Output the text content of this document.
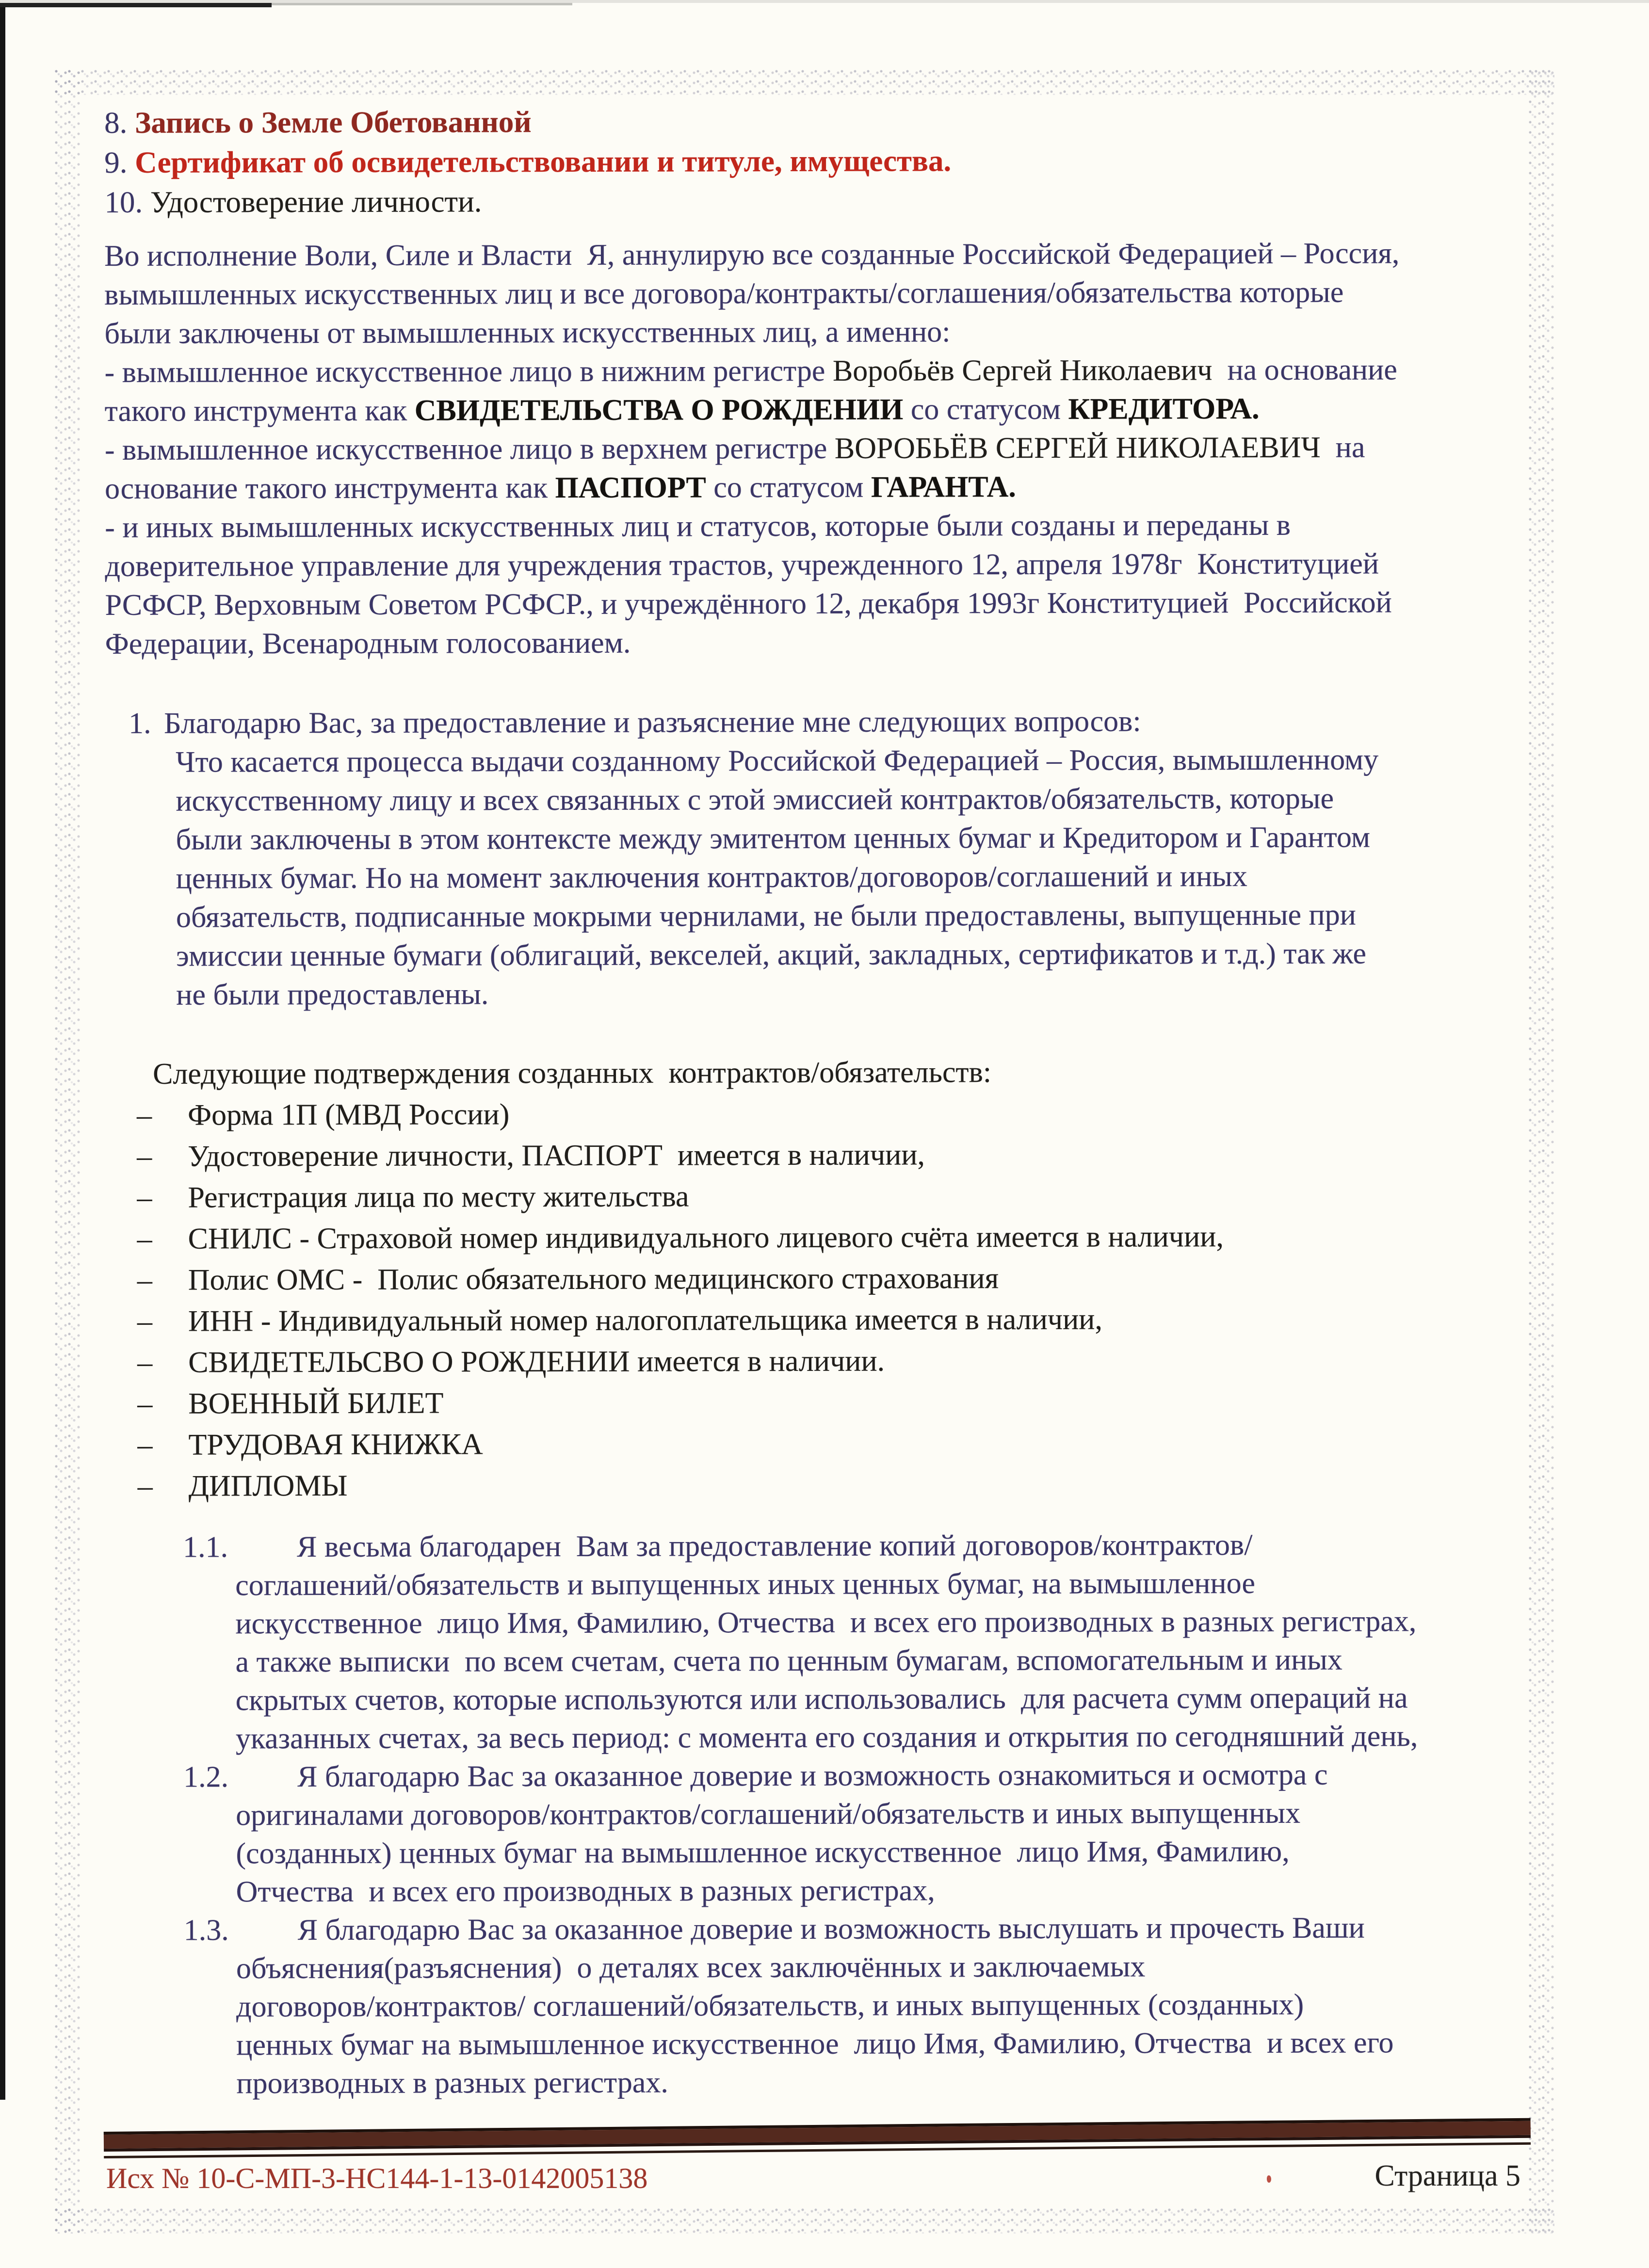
8. Запись о Земле Обетованной
9. Сертификат об освидетельствовании и титуле, имущества.
10. Удостоверение личности.
Во исполнение Воли, Силе и Власти  Я, аннулирую все созданные Российской Федерацией – Россия,
вымышленных искусственных лиц и все договора/контракты/соглашения/обязательства которые
были заключены от вымышленных искусственных лиц, а именно:
- вымышленное искусственное лицо в нижним регистре Воробьёв Сергей Николаевич  на основание
такого инструмента как СВИДЕТЕЛЬСТВА О РОЖДЕНИИ со статусом КРЕДИТОРА.
- вымышленное искусственное лицо в верхнем регистре ВОРОБЬЁВ СЕРГЕЙ НИКОЛАЕВИЧ  на
основание такого инструмента как ПАСПОРТ со статусом ГАРАНТА.
- и иных вымышленных искусственных лиц и статусов, которые были созданы и переданы в
доверительное управление для учреждения трастов, учрежденного 12, апреля 1978г  Конституцией
РСФСР, Верховным Советом РСФСР., и учреждённого 12, декабря 1993г Конституцией  Российской
Федерации, Всенародным голосованием.
1. Благодарю Вас, за предоставление и разъяснение мне следующих вопросов:
Что касается процесса выдачи созданному Российской Федерацией – Россия, вымышленному
искусственному лицу и всех связанных с этой эмиссией контрактов/обязательств, которые
были заключены в этом контексте между эмитентом ценных бумаг и Кредитором и Гарантом
ценных бумаг. Но на момент заключения контрактов/договоров/соглашений и иных
обязательств, подписанные мокрыми чернилами, не были предоставлены, выпущенные при
эмиссии ценные бумаги (облигаций, векселей, акций, закладных, сертификатов и т.д.) так же
не были предоставлены.
Следующие подтверждения созданных  контрактов/обязательств:
– Форма 1П (МВД России)
– Удостоверение личности, ПАСПОРТ  имеется в наличии,
– Регистрация лица по месту жительства
– СНИЛС - Страховой номер индивидуального лицевого счёта имеется в наличии,
– Полис ОМС -  Полис обязательного медицинского страхования
– ИНН - Индивидуальный номер налогоплательщика имеется в наличии,
– СВИДЕТЕЛЬСВО О РОЖДЕНИИ имеется в наличии.
– ВОЕННЫЙ БИЛЕТ
– ТРУДОВАЯ КНИЖКА
– ДИПЛОМЫ
1.1. Я весьма благодарен  Вам за предоставление копий договоров/контрактов/
соглашений/обязательств и выпущенных иных ценных бумаг, на вымышленное
искусственное  лицо Имя, Фамилию, Отчества  и всех его производных в разных регистрах,
а также выписки  по всем счетам, счета по ценным бумагам, вспомогательным и иных
скрытых счетов, которые используются или использовались  для расчета сумм операций на
указанных счетах, за весь период: с момента его создания и открытия по сегодняшний день,
1.2. Я благодарю Вас за оказанное доверие и возможность ознакомиться и осмотра с
оригиналами договоров/контрактов/соглашений/обязательств и иных выпущенных
(созданных) ценных бумаг на вымышленное искусственное  лицо Имя, Фамилию,
Отчества  и всех его производных в разных регистрах,
1.3. Я благодарю Вас за оказанное доверие и возможность выслушать и прочесть Ваши
объяснения(разъяснения)  о деталях всех заключённых и заключаемых
договоров/контрактов/ соглашений/обязательств, и иных выпущенных (созданных)
ценных бумаг на вымышленное искусственное  лицо Имя, Фамилию, Отчества  и всех его
производных в разных регистрах.
Исх № 10-С-МП-3-НС144-1-13-0142005138	Страница 5
